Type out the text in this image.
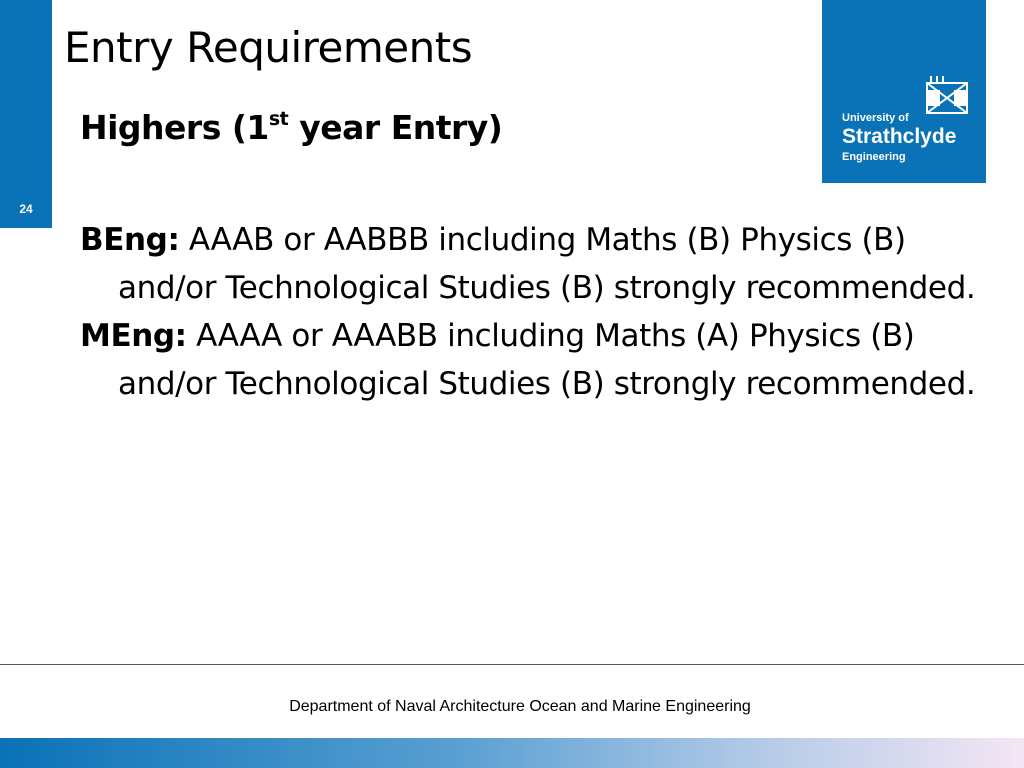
24
Entry Requirements
University of
Strathclyde
Engineering

Highers (1st year Entry)

BEng: AAAB or AABBB including Maths (B) Physics (B) and/or Technological Studies (B) strongly recommended.

MEng: AAAA or AAABB including Maths (A) Physics (B) and/or Technological Studies (B) strongly recommended.

Department of Naval Architecture Ocean and Marine Engineering
